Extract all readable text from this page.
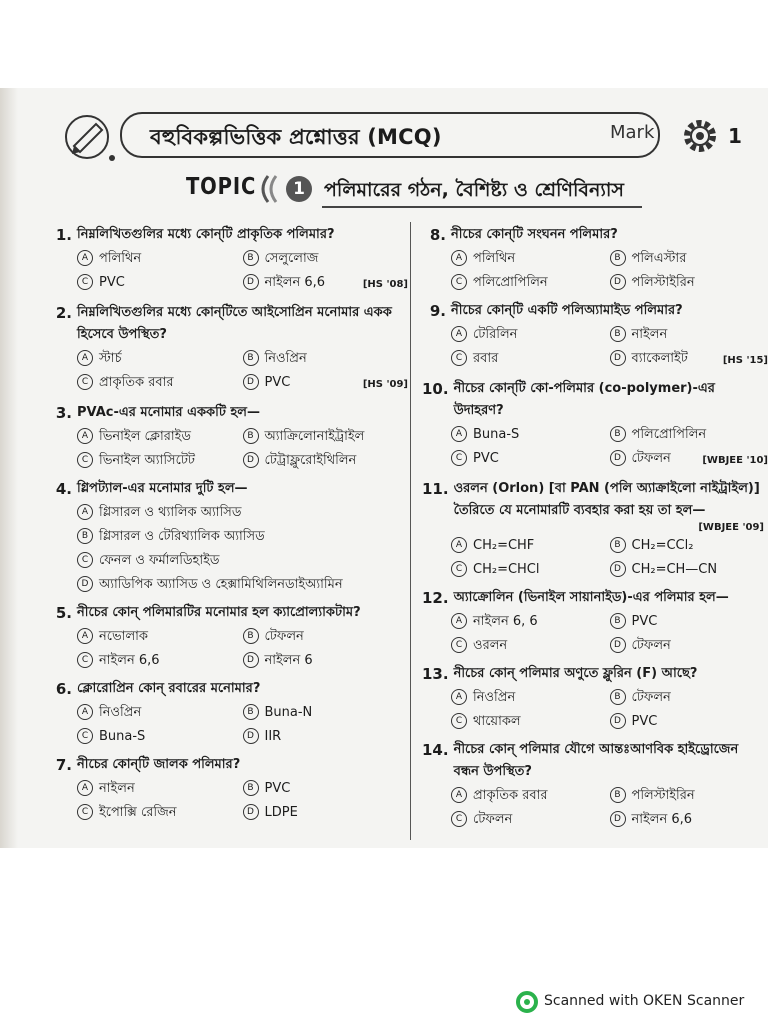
বহুবিকল্পভিত্তিক প্রশ্নোত্তর (MCQ)	Mark	1
TOPIC	1	পলিমারের গঠন, বৈশিষ্ট্য ও শ্রেণিবিন্যাস
1. নিম্নলিখিতগুলির মধ্যে কোন্‌টি প্রাকৃতিক পলিমার?
A পলিথিন	B সেলুলোজ
C PVC	D নাইলন 6,6	[HS '08]
2. নিম্নলিখিতগুলির মধ্যে কোন্‌টিতে আইসোপ্রিন মনোমার একক হিসেবে উপস্থিত?
A স্টার্চ	B নিওপ্রিন
C প্রাকৃতিক রবার	D PVC	[HS '09]
3. PVAc-এর মনোমার এককটি হল—
A ভিনাইল ক্লোরাইড	B অ্যাক্রিলোনাইট্রাইল
C ভিনাইল অ্যাসিটেট	D টেট্রাফ্লুরোইথিলিন
4. গ্লিপট্যাল-এর মনোমার দুটি হল—
A গ্লিসারল ও থ্যালিক অ্যাসিড
B গ্লিসারল ও টেরিথ্যালিক অ্যাসিড
C ফেনল ও ফর্মালডিহাইড
D অ্যাডিপিক অ্যাসিড ও হেক্সামিথিলিনডাইঅ্যামিন
5. নীচের কোন্‌ পলিমারটির মনোমার হল ক্যাপ্রোল্যাকটাম?
A নভোলাক	B টেফলন
C নাইলন 6,6	D নাইলন 6
6. ক্লোরোপ্রিন কোন্‌ রবারের মনোমার?
A নিওপ্রিন	B Buna-N
C Buna-S	D IIR
7. নীচের কোন্‌টি জালক পলিমার?
A নাইলন	B PVC
C ইপোক্সি রেজিন	D LDPE
8. নীচের কোন্‌টি সংঘনন পলিমার?
A পলিথিন	B পলিএস্টার
C পলিপ্রোপিলিন	D পলিস্টাইরিন
9. নীচের কোন্‌টি একটি পলিঅ্যামাইড পলিমার?
A টেরিলিন	B নাইলন
C রবার	D ব্যাকেলাইট	[HS '15]
10. নীচের কোন্‌টি কো-পলিমার (co-polymer)-এর উদাহরণ?
A Buna-S	B পলিপ্রোপিলিন
C PVC	D টেফলন	[WBJEE '10]
11. ওরলন (Orlon) [বা PAN (পলি অ্যাক্রাইলো নাইট্রাইল)] তৈরিতে যে মনোমারটি ব্যবহার করা হয় তা হল—
[WBJEE '09]
A CH₂=CHF	B CH₂=CCl₂
C CH₂=CHCl	D CH₂=CH—CN
12. অ্যাক্রোলিন (ভিনাইল সায়ানাইড)-এর পলিমার হল—
A নাইলন 6, 6	B PVC
C ওরলন	D টেফলন
13. নীচের কোন্‌ পলিমার অণুতে ফ্লুরিন (F) আছে?
A নিওপ্রিন	B টেফলন
C থায়োকল	D PVC
14. নীচের কোন্‌ পলিমার যৌগে আন্তঃআণবিক হাইড্রোজেন বন্ধন উপস্থিত?
A প্রাকৃতিক রবার	B পলিস্টাইরিন
C টেফলন	D নাইলন 6,6
Scanned with OKEN Scanner
